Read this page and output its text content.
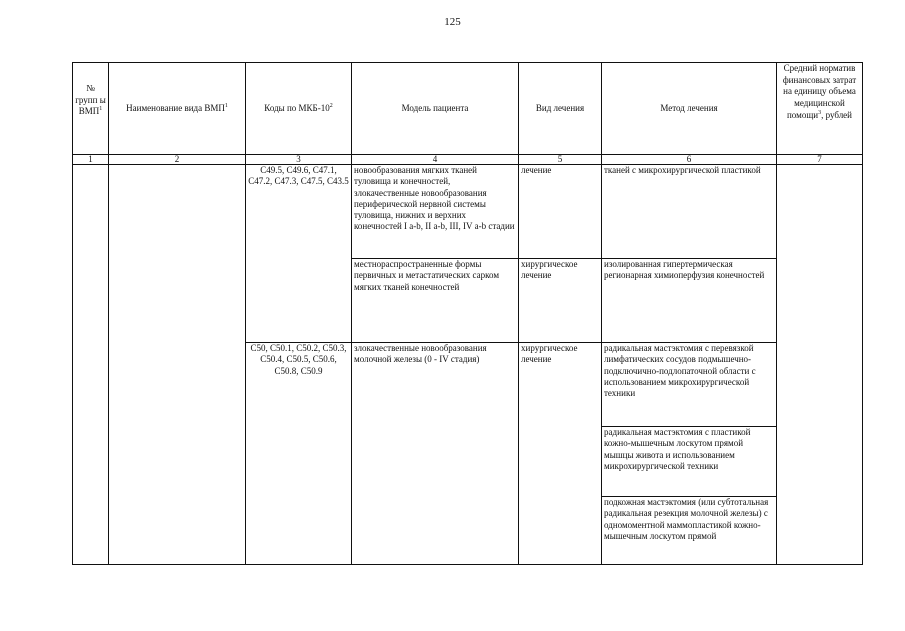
125
№ групп ы ВМП$^1$	Наименование вида ВМП$^1$	Коды по МКБ-$10^2$	Модель пациента	Вид лечения	Метод лечения	Средний норматив финансовых затрат на единицу объема медицинской помощи$^3$, рублей
1	2	3	4	5	6	7
		C49.5, C49.6, C47.1, C47.2, C47.3, C47.5, C43.5	новообразования мягких тканей туловища и конечностей, злокачественные новообразования периферической нервной системы туловища, нижних и верхних конечностей I a-b, II a-b, III, IV a-b стадии	лечение	тканей с микрохирургической пластикой	
			местнораспространенные формы первичных и метастатических сарком мягких тканей конечностей	хирургическое лечение	изолированная гипертермическая регионарная химиоперфузия конечностей	
		C50, C50.1, C50.2, C50.3, C50.4, C50.5, C50.6, C50.8, C50.9	злокачественные новообразования молочной железы (0 - IV стадия)	хирургическое лечение	радикальная мастэктомия с перевязкой лимфатических сосудов подмышечно-подключично-подлопаточной области с использованием микрохирургической техники	
					радикальная мастэктомия с пластикой кожно-мышечным лоскутом прямой мышцы живота и использованием микрохирургической техники	
					подкожная мастэктомия (или субтотальная радикальная резекция молочной железы) с одномоментной маммопластикой кожно-мышечным лоскутом прямой	
